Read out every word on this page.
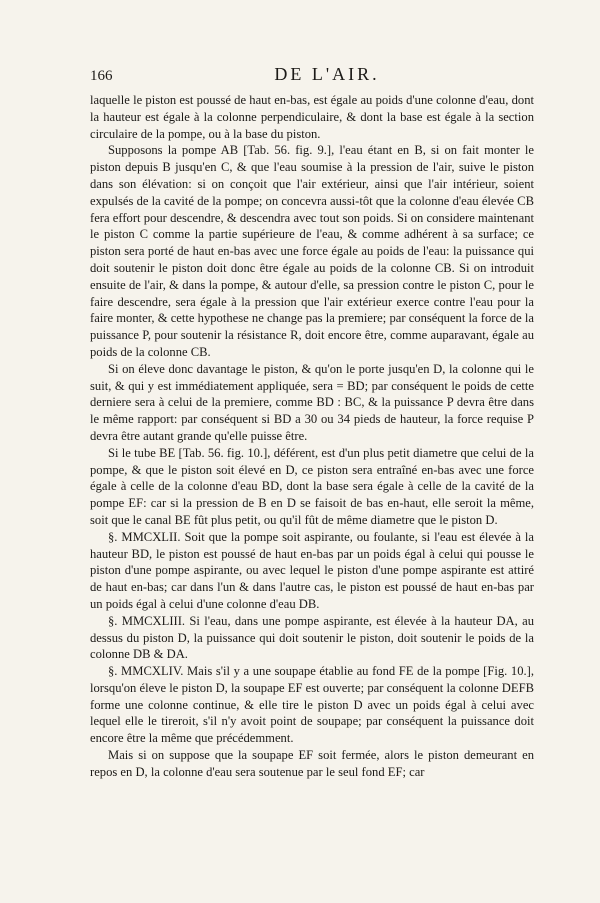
166	DE L'AIR.

laquelle le piston est poussé de haut en-bas, est égale au poids d'une colonne d'eau, dont la hauteur est égale à la colonne perpendiculaire, & dont la base est égale à la section circulaire de la pompe, ou à la base du piston.

Supposons la pompe AB [Tab. 56. fig. 9.], l'eau étant en B, si on fait monter le piston depuis B jusqu'en C, & que l'eau soumise à la pression de l'air, suive le piston dans son élévation: si on conçoit que l'air extérieur, ainsi que l'air intérieur, soient expulsés de la cavité de la pompe; on concevra aussi-tôt que la colonne d'eau élevée CB fera effort pour descendre, & descendra avec tout son poids. Si on considere maintenant le piston C comme la partie supérieure de l'eau, & comme adhérent à sa surface; ce piston sera porté de haut en-bas avec une force égale au poids de l'eau: la puissance qui doit soutenir le piston doit donc être égale au poids de la colonne CB. Si on introduit ensuite de l'air, & dans la pompe, & autour d'elle, sa pression contre le piston C, pour le faire descendre, sera égale à la pression que l'air extérieur exerce contre l'eau pour la faire monter, & cette hypothese ne change pas la premiere; par conséquent la force de la puissance P, pour soutenir la résistance R, doit encore être, comme auparavant, égale au poids de la colonne CB.

Si on éleve donc davantage le piston, & qu'on le porte jusqu'en D, la colonne qui le suit, & qui y est immédiatement appliquée, sera = BD; par conséquent le poids de cette derniere sera à celui de la premiere, comme BD : BC, & la puissance P devra être dans le même rapport: par conséquent si BD a 30 ou 34 pieds de hauteur, la force requise P devra être autant grande qu'elle puisse être.

Si le tube BE [Tab. 56. fig. 10.], déférent, est d'un plus petit diametre que celui de la pompe, & que le piston soit élevé en D, ce piston sera entraîné en-bas avec une force égale à celle de la colonne d'eau BD, dont la base sera égale à celle de la cavité de la pompe EF: car si la pression de B en D se faisoit de bas en-haut, elle seroit la même, soit que le canal BE fût plus petit, ou qu'il fût de même diametre que le piston D.

§. MMCXLII. Soit que la pompe soit aspirante, ou foulante, si l'eau est élevée à la hauteur BD, le piston est poussé de haut en-bas par un poids égal à celui qui pousse le piston d'une pompe aspirante, ou avec lequel le piston d'une pompe aspirante est attiré de haut en-bas; car dans l'un & dans l'autre cas, le piston est poussé de haut en-bas par un poids égal à celui d'une colonne d'eau DB.

§. MMCXLIII. Si l'eau, dans une pompe aspirante, est élevée à la hauteur DA, au dessus du piston D, la puissance qui doit soutenir le piston, doit soutenir le poids de la colonne DB & DA.

§. MMCXLIV. Mais s'il y a une soupape établie au fond FE de la pompe [Fig. 10.], lorsqu'on éleve le piston D, la soupape EF est ouverte; par conséquent la colonne DEFB forme une colonne continue, & elle tire le piston D avec un poids égal à celui avec lequel elle le tireroit, s'il n'y avoit point de soupape; par conséquent la puissance doit encore être la même que précédemment.

Mais si on suppose que la soupape EF soit fermée, alors le piston demeurant en repos en D, la colonne d'eau sera soutenue par le seul fond EF; car
